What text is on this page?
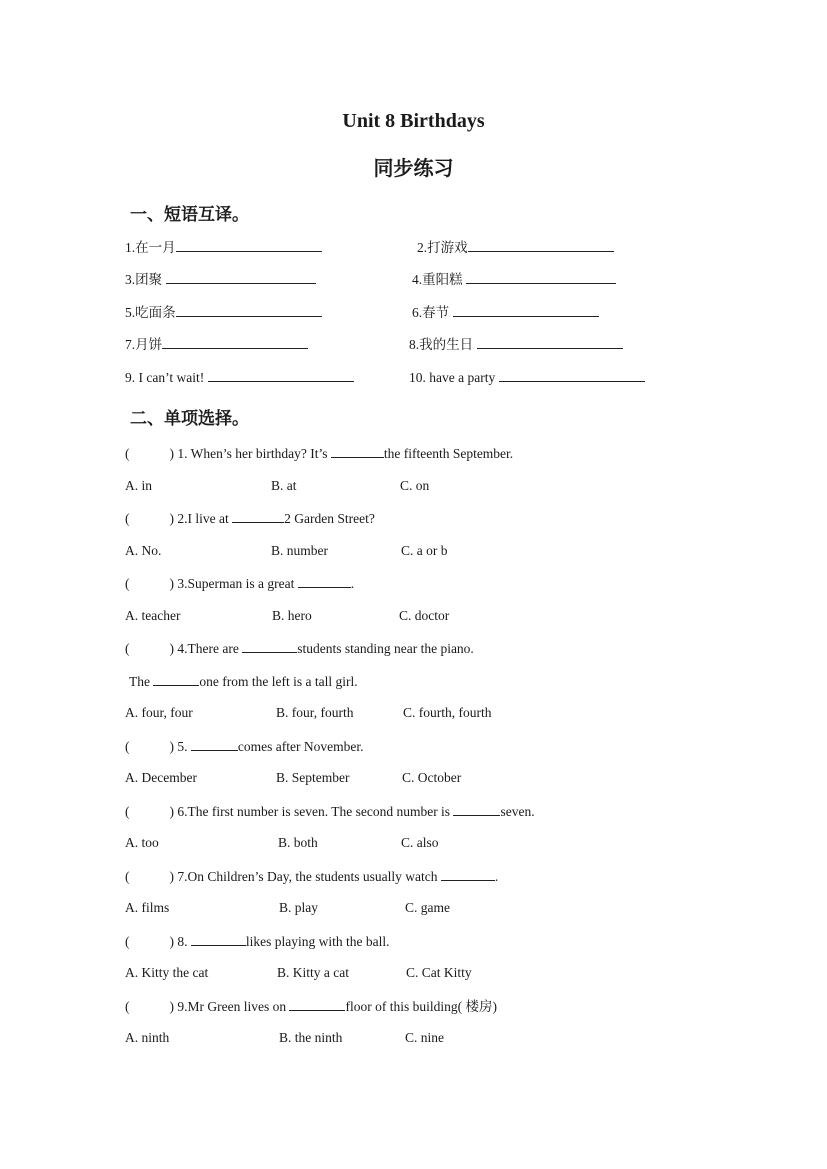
Unit 8 Birthdays
同步练习
一、短语互译。
1.在一月	2.打游戏
3.团聚	4.重阳糕
5.吃面条	6.春节
7.月饼	8.我的生日
9. I can’t wait!	10. have a party
二、单项选择。
(	) 1. When’s her birthday? It’s	the fifteenth September.
A. in	B. at	C. on
(	) 2.I live at	2 Garden Street?
A. No.	B. number	C. a or b
(	) 3.Superman is a great	.
A. teacher	B. hero	C. doctor
(	) 4.There are	students standing near the piano.
The	one from the left is a tall girl.
A. four, four	B. four, fourth	C. fourth, fourth
(	) 5.	comes after November.
A. December	B. September	C. October
(	) 6.The first number is seven. The second number is	seven.
A. too	B. both	C. also
(	) 7.On Children’s Day, the students usually watch	.
A. films	B. play	C. game
(	) 8.	likes playing with the ball.
A. Kitty the cat	B. Kitty a cat	C. Cat Kitty
(	) 9.Mr Green lives on	floor of this building( 楼房)
A. ninth	B. the ninth	C. nine
